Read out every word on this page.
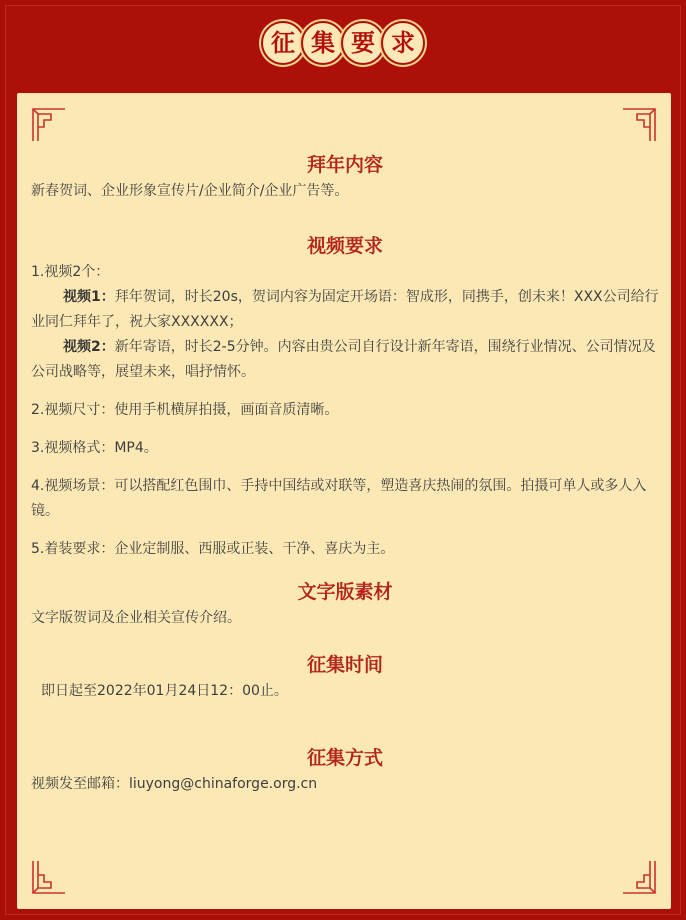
征 集 要 求
拜年内容

新春贺词、企业形象宣传片/企业简介/企业广告等。

视频要求

1.视频2个：

视频1：拜年贺词，时长20s，贺词内容为固定开场语：智成形，同携手，创未来！XXX公司给行业同仁拜年了，祝大家XXXXXX；

视频2：新年寄语，时长2-5分钟。内容由贵公司自行设计新年寄语，围绕行业情况、公司情况及公司战略等，展望未来，唱抒情怀。

2.视频尺寸：使用手机横屏拍摄，画面音质清晰。

3.视频格式：MP4。

4.视频场景：可以搭配红色围巾、手持中国结或对联等，塑造喜庆热闹的氛围。拍摄可单人或多人入镜。

5.着装要求：企业定制服、西服或正装、干净、喜庆为主。

文字版素材

文字版贺词及企业相关宣传介绍。

征集时间

即日起至2022年01月24日12：00止。

征集方式

视频发至邮箱：liuyong@chinaforge.org.cn
